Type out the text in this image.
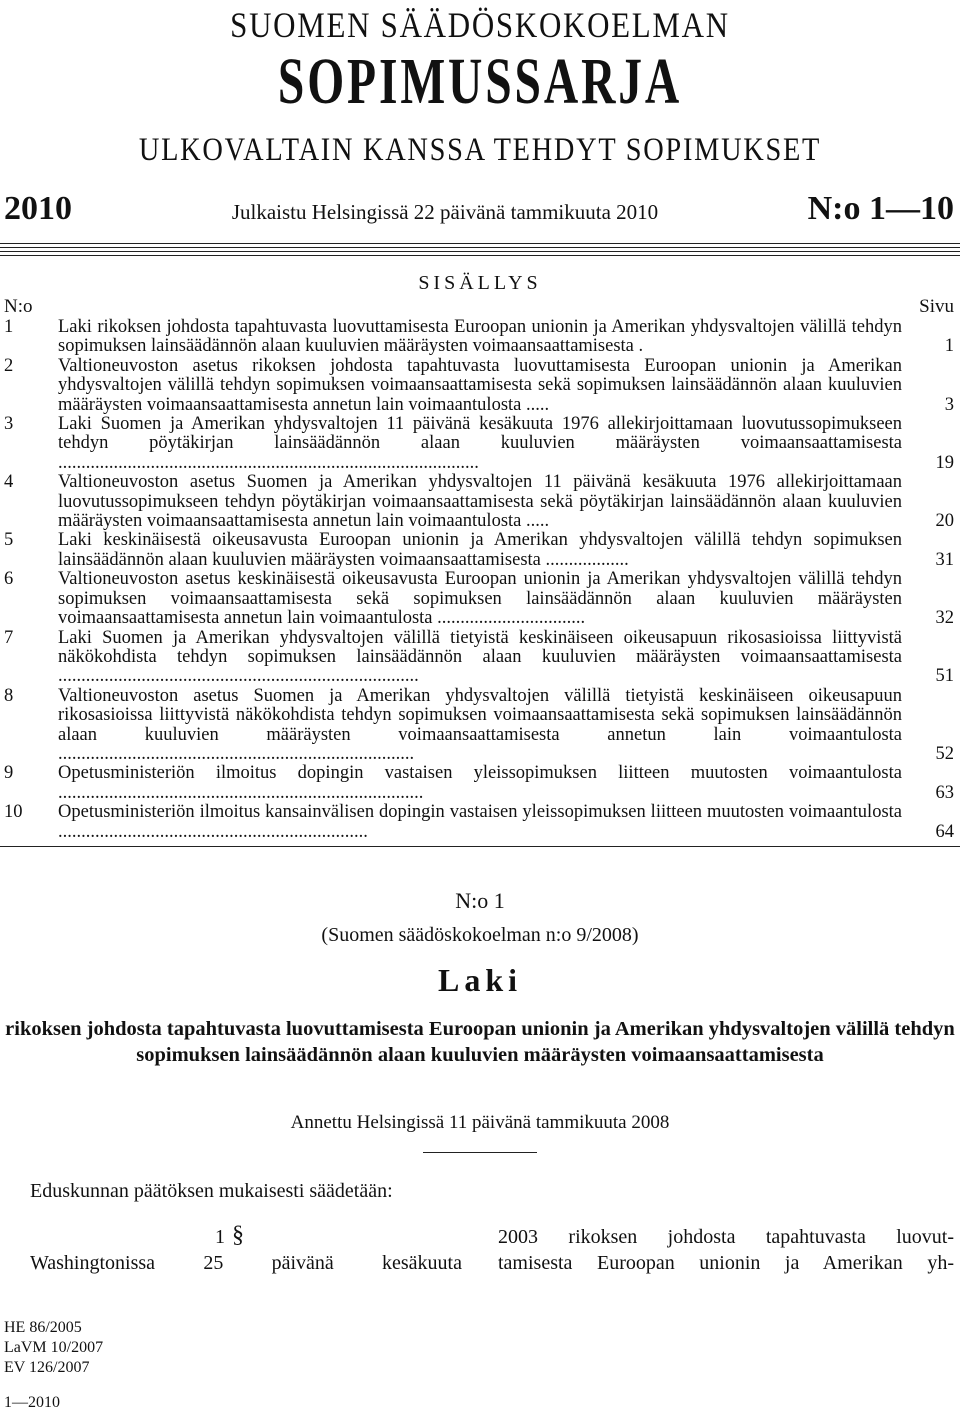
SUOMEN SÄÄDÖSKOKOELMAN
SOPIMUSSARJA
ULKOVALTAIN KANSSA TEHDYT SOPIMUKSET
2010	Julkaistu Helsingissä 22 päivänä tammikuuta 2010	N:o 1—10
SISÄLLYS
N:o	Sivu
1 Laki rikoksen johdosta tapahtuvasta luovuttamisesta Euroopan unionin ja Amerikan yhdysvaltojen välillä tehdyn sopimuksen lainsäädännön alaan kuuluvien määräysten voimaansaattamisesta .	1
2 Valtioneuvoston asetus rikoksen johdosta tapahtuvasta luovuttamisesta Euroopan unionin ja Amerikan yhdysvaltojen välillä tehdyn sopimuksen voimaansaattamisesta sekä sopimuksen lainsäädännön alaan kuuluvien määräysten voimaansaattamisesta annetun lain voimaantulosta .....	3
3 Laki Suomen ja Amerikan yhdysvaltojen 11 päivänä kesäkuuta 1976 allekirjoittamaan luovutussopimukseen tehdyn pöytäkirjan lainsäädännön alaan kuuluvien määräysten voimaansaattamisesta ...........................................................................................	19
4 Valtioneuvoston asetus Suomen ja Amerikan yhdysvaltojen 11 päivänä kesäkuuta 1976 allekirjoittamaan luovutussopimukseen tehdyn pöytäkirjan voimaansaattamisesta sekä pöytäkirjan lainsäädännön alaan kuuluvien määräysten voimaansaattamisesta annetun lain voimaantulosta .....	20
5 Laki keskinäisestä oikeusavusta Euroopan unionin ja Amerikan yhdysvaltojen välillä tehdyn sopimuksen lainsäädännön alaan kuuluvien määräysten voimaansaattamisesta ..................	31
6 Valtioneuvoston asetus keskinäisestä oikeusavusta Euroopan unionin ja Amerikan yhdysvaltojen välillä tehdyn sopimuksen voimaansaattamisesta sekä sopimuksen lainsäädännön alaan kuuluvien määräysten voimaansaattamisesta annetun lain voimaantulosta ................................	32
7 Laki Suomen ja Amerikan yhdysvaltojen välillä tietyistä keskinäiseen oikeusapuun rikosasioissa liittyvistä näkökohdista tehdyn sopimuksen lainsäädännön alaan kuuluvien määräysten voimaansaattamisesta ..............................................................................	51
8 Valtioneuvoston asetus Suomen ja Amerikan yhdysvaltojen välillä tietyistä keskinäiseen oikeusapuun rikosasioissa liittyvistä näkökohdista tehdyn sopimuksen voimaansaattamisesta sekä sopimuksen lainsäädännön alaan kuuluvien määräysten voimaansaattamisesta annetun lain voimaantulosta .............................................................................	52
9 Opetusministeriön ilmoitus dopingin vastaisen yleissopimuksen liitteen muutosten voimaantulosta ...............................................................................	63
10 Opetusministeriön ilmoitus kansainvälisen dopingin vastaisen yleissopimuksen liitteen muutosten voimaantulosta ...................................................................	64
N:o 1
(Suomen säädöskokoelman n:o 9/2008)
Laki
rikoksen johdosta tapahtuvasta luovuttamisesta Euroopan unionin ja Amerikan yhdysvaltojen välillä tehdyn sopimuksen lainsäädännön alaan kuuluvien määräysten voimaansaattamisesta
Annettu Helsingissä 11 päivänä tammikuuta 2008
Eduskunnan päätöksen mukaisesti säädetään:
1 §
Washingtonissa 25 päivänä kesäkuuta
2003 rikoksen johdosta tapahtuvasta luovut-
tamisesta Euroopan unionin ja Amerikan yh-
HE 86/2005
LaVM 10/2007
EV 126/2007
1—2010
